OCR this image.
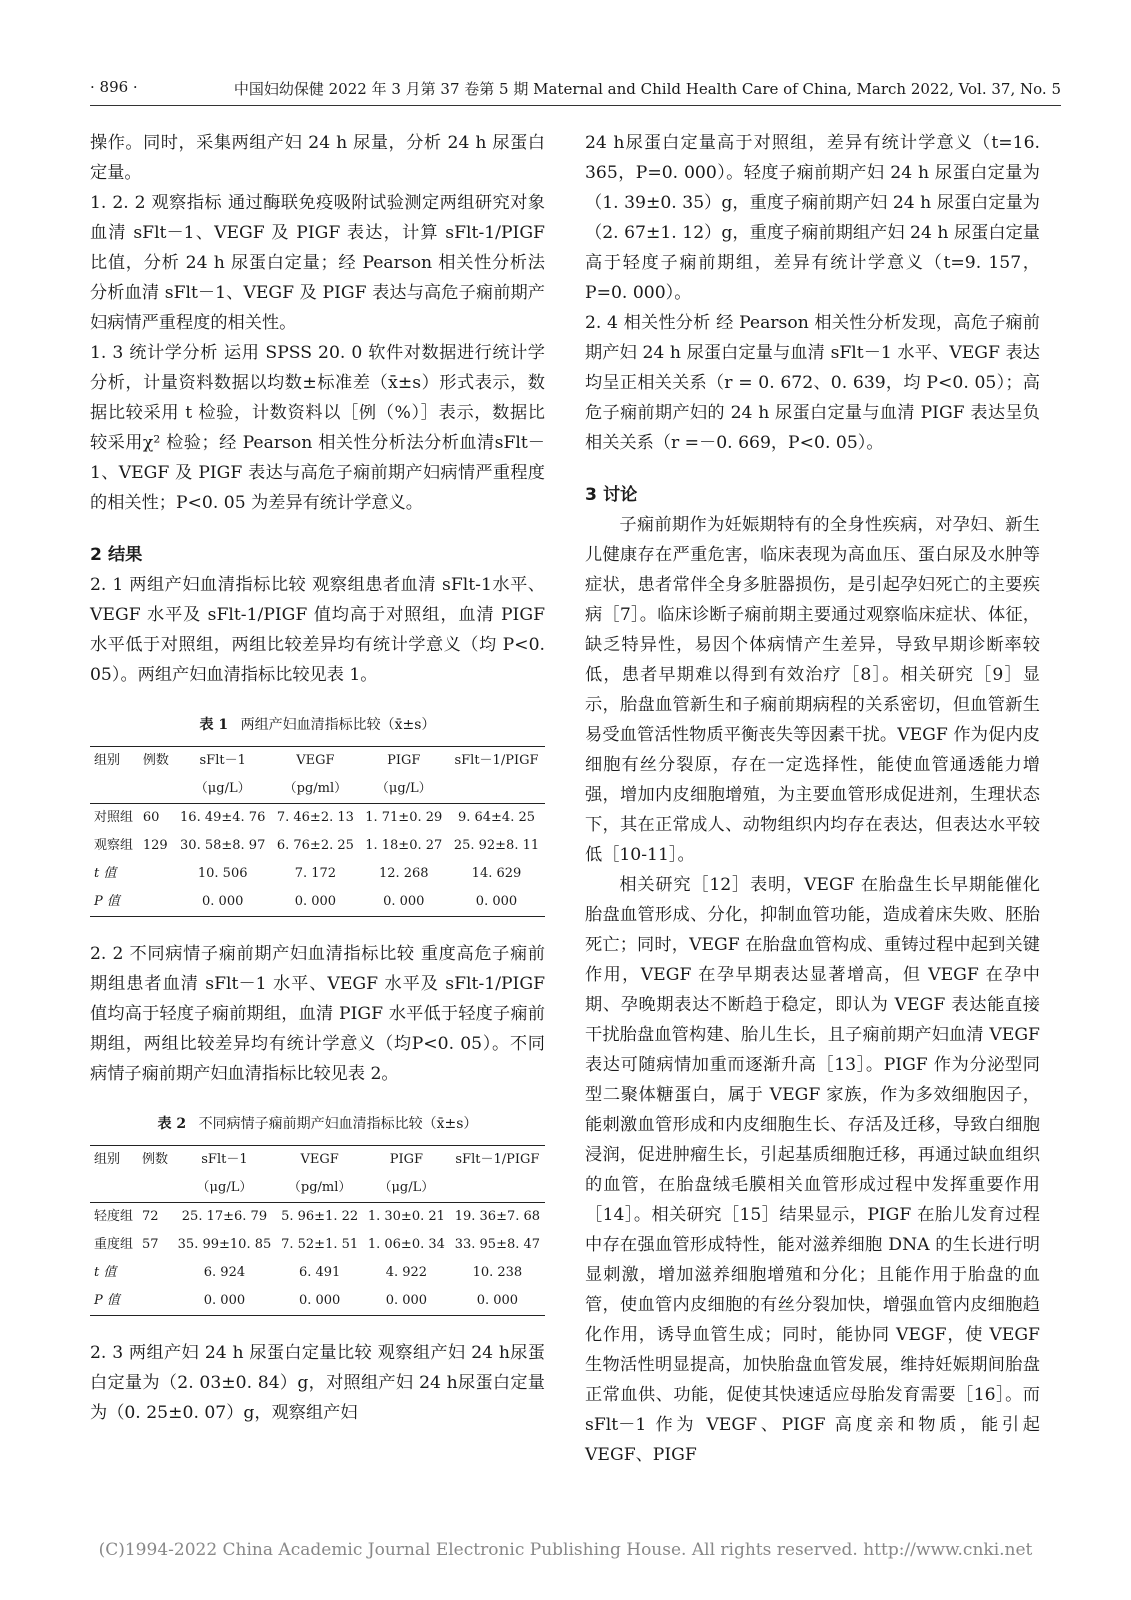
· 896 ·	中国妇幼保健 2022 年 3 月第 37 卷第 5 期 Maternal and Child Health Care of China, March 2022, Vol. 37, No. 5

操作。同时，采集两组产妇 24 h 尿量，分析 24 h 尿蛋白定量。

1. 2. 2 观察指标 通过酶联免疫吸附试验测定两组研究对象血清 sFlt－1、VEGF 及 PIGF 表达，计算 sFlt-1/PIGF 比值，分析 24 h 尿蛋白定量；经 Pearson 相关性分析法分析血清 sFlt－1、VEGF 及 PIGF 表达与高危子痫前期产妇病情严重程度的相关性。

1. 3 统计学分析 运用 SPSS 20. 0 软件对数据进行统计学分析，计量资料数据以均数±标准差（x̄±s）形式表示，数据比较采用 t 检验，计数资料以［例（%）］表示，数据比较采用χ² 检验；经 Pearson 相关性分析法分析血清sFlt－1、VEGF 及 PIGF 表达与高危子痫前期产妇病情严重程度的相关性；P<0. 05 为差异有统计学意义。

2 结果

2. 1 两组产妇血清指标比较 观察组患者血清 sFlt-1水平、VEGF 水平及 sFlt-1/PIGF 值均高于对照组，血清 PIGF 水平低于对照组，两组比较差异均有统计学意义（均 P<0. 05）。两组产妇血清指标比较见表 1。

表 1 两组产妇血清指标比较（x̄±s）
组别	例数	sFlt－1	VEGF	PIGF	sFlt－1/PIGF
		（μg/L）	（pg/ml）	（μg/L）	
对照组	60	16. 49±4. 76	7. 46±2. 13	1. 71±0. 29	9. 64±4. 25
观察组	129	30. 58±8. 97	6. 76±2. 25	1. 18±0. 27	25. 92±8. 11
t 值		10. 506	7. 172	12. 268	14. 629
P 值		0. 000	0. 000	0. 000	0. 000

2. 2 不同病情子痫前期产妇血清指标比较 重度高危子痫前期组患者血清 sFlt－1 水平、VEGF 水平及 sFlt-1/PIGF 值均高于轻度子痫前期组，血清 PIGF 水平低于轻度子痫前期组，两组比较差异均有统计学意义（均P<0. 05）。不同病情子痫前期产妇血清指标比较见表 2。

表 2 不同病情子痫前期产妇血清指标比较（x̄±s）
组别	例数	sFlt－1	VEGF	PIGF	sFlt－1/PIGF
		（μg/L）	（pg/ml）	（μg/L）	
轻度组	72	25. 17±6. 79	5. 96±1. 22	1. 30±0. 21	19. 36±7. 68
重度组	57	35. 99±10. 85	7. 52±1. 51	1. 06±0. 34	33. 95±8. 47
t 值		6. 924	6. 491	4. 922	10. 238
P 值		0. 000	0. 000	0. 000	0. 000

2. 3 两组产妇 24 h 尿蛋白定量比较 观察组产妇 24 h尿蛋白定量为（2. 03±0. 84）g，对照组产妇 24 h尿蛋白定量为（0. 25±0. 07）g，观察组产妇

24 h尿蛋白定量高于对照组，差异有统计学意义（t=16. 365，P=0. 000）。轻度子痫前期产妇 24 h 尿蛋白定量为（1. 39±0. 35）g，重度子痫前期产妇 24 h 尿蛋白定量为（2. 67±1. 12）g，重度子痫前期组产妇 24 h 尿蛋白定量高于轻度子痫前期组，差异有统计学意义（t=9. 157，P=0. 000）。

2. 4 相关性分析 经 Pearson 相关性分析发现，高危子痫前期产妇 24 h 尿蛋白定量与血清 sFlt－1 水平、VEGF 表达均呈正相关关系（r = 0. 672、0. 639，均 P<0. 05）；高危子痫前期产妇的 24 h 尿蛋白定量与血清 PIGF 表达呈负相关关系（r =－0. 669，P<0. 05）。

3 讨论

子痫前期作为妊娠期特有的全身性疾病，对孕妇、新生儿健康存在严重危害，临床表现为高血压、蛋白尿及水肿等症状，患者常伴全身多脏器损伤，是引起孕妇死亡的主要疾病［7］。临床诊断子痫前期主要通过观察临床症状、体征，缺乏特异性，易因个体病情产生差异，导致早期诊断率较低，患者早期难以得到有效治疗［8］。相关研究［9］显示，胎盘血管新生和子痫前期病程的关系密切，但血管新生易受血管活性物质平衡丧失等因素干扰。VEGF 作为促内皮细胞有丝分裂原，存在一定选择性，能使血管通透能力增强，增加内皮细胞增殖，为主要血管形成促进剂，生理状态下，其在正常成人、动物组织内均存在表达，但表达水平较低［10-11］。

相关研究［12］表明，VEGF 在胎盘生长早期能催化胎盘血管形成、分化，抑制血管功能，造成着床失败、胚胎死亡；同时，VEGF 在胎盘血管构成、重铸过程中起到关键作用，VEGF 在孕早期表达显著增高，但 VEGF 在孕中期、孕晚期表达不断趋于稳定，即认为 VEGF 表达能直接干扰胎盘血管构建、胎儿生长，且子痫前期产妇血清 VEGF 表达可随病情加重而逐渐升高［13］。PIGF 作为分泌型同型二聚体糖蛋白，属于 VEGF 家族，作为多效细胞因子，能刺激血管形成和内皮细胞生长、存活及迁移，导致白细胞浸润，促进肿瘤生长，引起基质细胞迁移，再通过缺血组织的血管，在胎盘绒毛膜相关血管形成过程中发挥重要作用［14］。相关研究［15］结果显示，PIGF 在胎儿发育过程中存在强血管形成特性，能对滋养细胞 DNA 的生长进行明显刺激，增加滋养细胞增殖和分化；且能作用于胎盘的血管，使血管内皮细胞的有丝分裂加快，增强血管内皮细胞趋化作用，诱导血管生成；同时，能协同 VEGF，使 VEGF 生物活性明显提高，加快胎盘血管发展，维持妊娠期间胎盘正常血供、功能，促使其快速适应母胎发育需要［16］。而 sFlt－1 作为 VEGF、PIGF 高度亲和物质，能引起 VEGF、PIGF

(C)1994-2022 China Academic Journal Electronic Publishing House. All rights reserved. http://www.cnki.net
